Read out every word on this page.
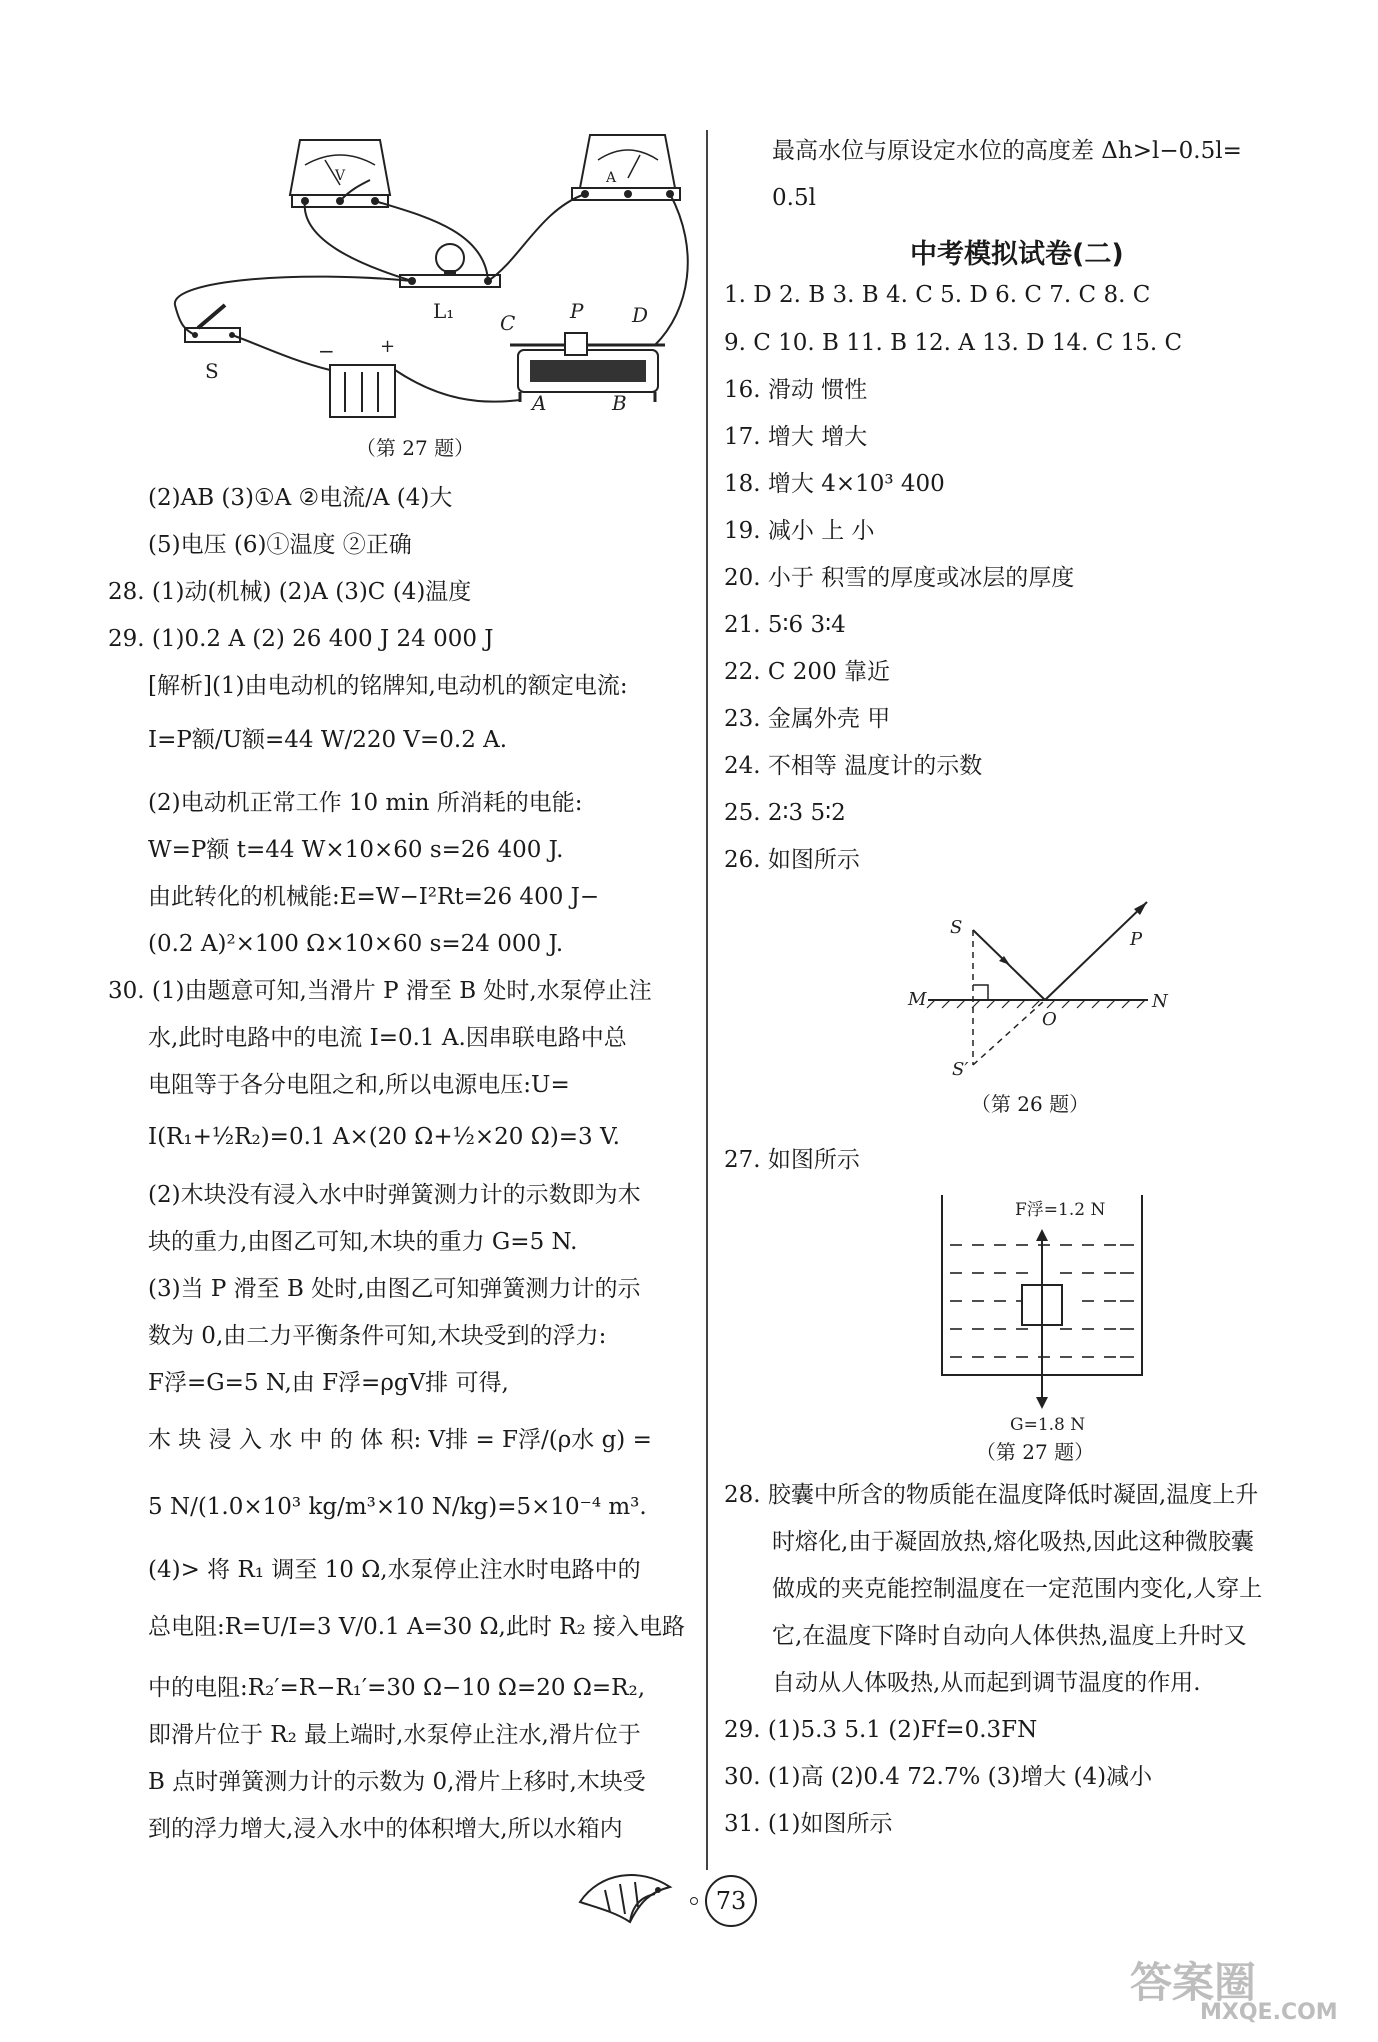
V	A
L₁
S
−	+
C	P D
A	B
（第 27 题）
(2)AB (3)①A ②电流/A (4)大
(5)电压 (6)①温度 ②正确
28. (1)动(机械) (2)A (3)C (4)温度
29. (1)0.2 A (2) 26 400 J 24 000 J
[解析](1)由电动机的铭牌知,电动机的额定电流:
I=P额/U额=44 W/220 V=0.2 A.
(2)电动机正常工作 10 min 所消耗的电能:
W=P额 t=44 W×10×60 s=26 400 J.
由此转化的机械能:E=W−I²Rt=26 400 J−
(0.2 A)²×100 Ω×10×60 s=24 000 J.
30. (1)由题意可知,当滑片 P 滑至 B 处时,水泵停止注
水,此时电路中的电流 I=0.1 A.因串联电路中总
电阻等于各分电阻之和,所以电源电压:U=
I(R₁+½R₂)=0.1 A×(20 Ω+½×20 Ω)=3 V.
(2)木块没有浸入水中时弹簧测力计的示数即为木
块的重力,由图乙可知,木块的重力 G=5 N.
(3)当 P 滑至 B 处时,由图乙可知弹簧测力计的示
数为 0,由二力平衡条件可知,木块受到的浮力:
F浮=G=5 N,由 F浮=ρgV排 可得,
木 块 浸 入 水 中 的 体 积: V排 = F浮/(ρ水 g) =
5 N/(1.0×10³ kg/m³×10 N/kg)=5×10⁻⁴ m³.
(4)> 将 R₁ 调至 10 Ω,水泵停止注水时电路中的
总电阻:R=U/I=3 V/0.1 A=30 Ω,此时 R₂ 接入电路
中的电阻:R₂′=R−R₁′=30 Ω−10 Ω=20 Ω=R₂,
即滑片位于 R₂ 最上端时,水泵停止注水,滑片位于
B 点时弹簧测力计的示数为 0,滑片上移时,木块受
到的浮力增大,浸入水中的体积增大,所以水箱内
最高水位与原设定水位的高度差 Δh>l−0.5l=
0.5l
中考模拟试卷(二)
1. D 2. B 3. B 4. C 5. D 6. C 7. C 8. C
9. C 10. B 11. B 12. A 13. D 14. C 15. C
16. 滑动 惯性
17. 增大 增大
18. 增大 4×10³ 400
19. 减小 上 小
20. 小于 积雪的厚度或冰层的厚度
21. 5∶6 3∶4
22. C 200 靠近
23. 金属外壳 甲
24. 不相等 温度计的示数
25. 2∶3 5∶2
26. 如图所示
S
P
M	N
O
S′
（第 26 题）
27. 如图所示
F浮=1.2 N
G=1.8 N
（第 27 题）
28. 胶囊中所含的物质能在温度降低时凝固,温度上升
时熔化,由于凝固放热,熔化吸热,因此这种微胶囊
做成的夹克能控制温度在一定范围内变化,人穿上
它,在温度下降时自动向人体供热,温度上升时又
自动从人体吸热,从而起到调节温度的作用.
29. (1)5.3 5.1 (2)Ff=0.3FN
30. (1)高 (2)0.4 72.7% (3)增大 (4)减小
31. (1)如图所示
73
答案圈
MXQE.COM
